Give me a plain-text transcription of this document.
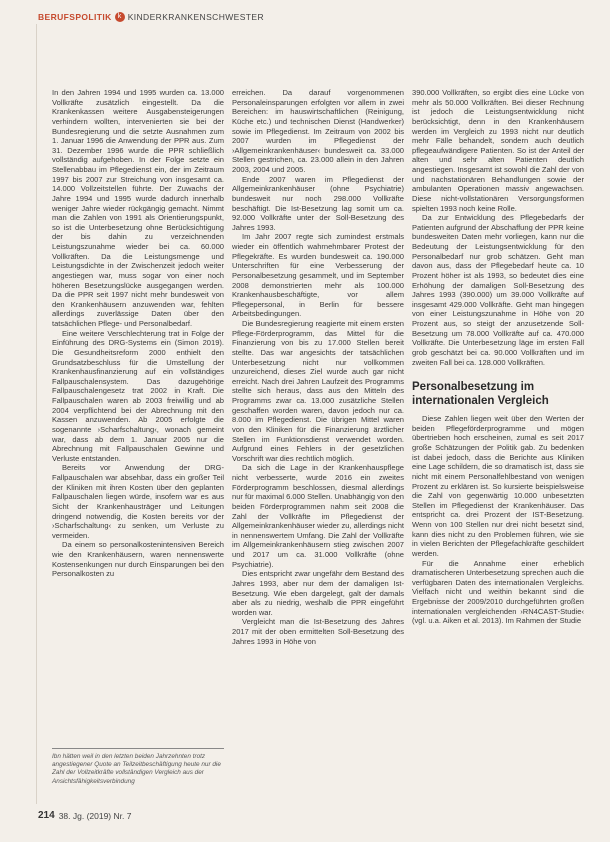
BERUFSPOLITIK k KINDERKRANKENSCHWESTER

In den Jahren 1994 und 1995 wurden ca. 13.000 Vollkräfte zusätzlich eingestellt. Da die Krankenkassen weitere Ausgabensteigerungen verhindern wollten, intervenierten sie bei der Bundesregierung und die setzte Ausnahmen zum 1. Januar 1996 die Anwendung der PPR aus. Zum 31. Dezember 1996 wurde die PPR schließlich vollständig aufgehoben. In der Folge setzte ein Stellenabbau im Pflegedienst ein, der im Zeitraum 1997 bis 2007 zur Streichung von insgesamt ca. 14.000 Vollzeitstellen führte. Der Zuwachs der Jahre 1994 und 1995 wurde dadurch innerhalb weniger Jahre wieder rückgängig gemacht. Nimmt man die Zahlen von 1991 als Orientierungspunkt, so ist die Unterbesetzung ohne Berücksichtigung der bis dahin zu verzeichnenden Leistungszunahme wieder bei ca. 60.000 Vollkräften. Da die Leistungsmenge und Leistungsdichte in der Zwischenzeit jedoch weiter angestiegen war, muss sogar von einer noch höheren Besetzungslücke ausgegangen werden. Da die PPR seit 1997 nicht mehr bundesweit von den Krankenhäusern anzuwenden war, fehlten allerdings zuverlässige Daten über den tatsächlichen Pflege- und Personalbedarf.

Eine weitere Verschlechterung trat in Folge der Einführung des DRG-Systems ein (Simon 2019). Die Gesundheitsreform 2000 enthielt den Grundsatzbeschluss für die Umstellung der Krankenhausfinanzierung auf ein vollständiges Fallpauschalensystem. Das dazugehörige Fallpauschalengesetz trat 2002 in Kraft. Die Fallpauschalen waren ab 2003 freiwillig und ab 2004 verpflichtend bei der Abrechnung mit den Kassen anzuwenden. Ab 2005 erfolgte die sogenannte ›Scharfschaltung‹, wonach gemeint war, dass ab dem 1. Januar 2005 nur die Abrechnung mit Fallpauschalen Gewinne und Verluste entstanden.

Bereits vor Anwendung der DRG-Fallpauschalen war absehbar, dass ein großer Teil der Kliniken mit ihren Kosten über den geplanten Fallpauschalen liegen würde, insofern war es aus Sicht der Krankenhausträger und Leitungen dringend notwendig, die Kosten bereits vor der ›Scharfschaltung‹ zu senken, um Verluste zu vermeiden.

Da einem so personalkostenintensiven Bereich wie den Krankenhäusern, waren nennenswerte Kostensenkungen nur durch Einsparungen bei den Personalkosten zu

erreichen. Da darauf vorgenommenen Personaleinsparungen erfolgten vor allem in zwei Bereichen: im hauswirtschaftlichen (Reinigung, Küche etc.) und technischen Dienst (Handwerker) sowie im Pflegedienst. Im Zeitraum von 2002 bis 2007 wurden im Pflegedienst der ›Allgemeinkrankenhäuser‹ bundesweit ca. 33.000 Stellen gestrichen, ca. 23.000 allein in den Jahren 2003, 2004 und 2005.

Ende 2007 waren im Pflegedienst der Allgemeinkrankenhäuser (ohne Psychiatrie) bundesweit nur noch 298.000 Vollkräfte beschäftigt. Die Ist-Besetzung lag somit um ca. 92.000 Vollkräfte unter der Soll-Besetzung des Jahres 1993.

Im Jahr 2007 regte sich zumindest erstmals wieder ein öffentlich wahrnehmbarer Protest der Pflegekräfte. Es wurden bundesweit ca. 190.000 Unterschriften für eine Verbesserung der Personalbesetzung gesammelt, und im September 2008 demonstrierten mehr als 100.000 Krankenhausbeschäftigte, vor allem Pflegepersonal, in Berlin für bessere Arbeitsbedingungen.

Die Bundesregierung reagierte mit einem ersten Pflege-Förderprogramm, das Mittel für die Finanzierung von bis zu 17.000 Stellen bereit stellte. Das war angesichts der tatsächlichen Unterbesetzung nicht nur vollkommen unzureichend, dieses Ziel wurde auch gar nicht erreicht. Nach drei Jahren Laufzeit des Programms stellte sich heraus, dass aus den Mitteln des Programms zwar ca. 13.000 zusätzliche Stellen geschaffen worden waren, davon jedoch nur ca. 8.000 im Pflegedienst. Die übrigen Mittel waren von den Kliniken für die Finanzierung ärztlicher Stellen im Funktionsdienst verwendet worden. Aufgrund eines Fehlers in der gesetzlichen Vorschrift war dies rechtlich möglich.

Da sich die Lage in der Krankenhauspflege nicht verbesserte, wurde 2016 ein zweites Förderprogramm beschlossen, diesmal allerdings nur für maximal 6.000 Stellen. Unabhängig von den beiden Förderprogrammen nahm seit 2008 die Zahl der Vollkräfte im Pflegedienst der Allgemeinkrankenhäuser wieder zu, allerdings nicht in nennenswertem Umfang. Die Zahl der Vollkräfte im Allgemeinkrankenhäusern stieg zwischen 2007 und 2017 um ca. 31.000 Vollkräfte (ohne Psychiatrie).

Dies entspricht zwar ungefähr dem Bestand des Jahres 1993, aber nur dem der damaligen Ist-Besetzung. Wie eben dargelegt, galt der damals aber als zu niedrig, weshalb die PPR eingeführt worden war.

Vergleicht man die Ist-Besetzung des Jahres 2017 mit der oben ermittelten Soll-Besetzung des Jahres 1993 in Höhe von

390.000 Vollkräften, so ergibt dies eine Lücke von mehr als 50.000 Vollkräften. Bei dieser Rechnung ist jedoch die Leistungsentwicklung nicht berücksichtigt, denn in den Krankenhäusern werden im Vergleich zu 1993 nicht nur deutlich mehr Fälle behandelt, sondern auch deutlich pflegeaufwändigere Patienten. So ist der Anteil der alten und sehr alten Patienten deutlich angestiegen. Insgesamt ist sowohl die Zahl der von und nachstationären Behandlungen sowie der ambulanten Operationen massiv angewachsen. Diese nicht-vollstationären Versorgungsformen spielten 1993 noch keine Rolle.

Da zur Entwicklung des Pflegebedarfs der Patienten aufgrund der Abschaffung der PPR keine bundesweiten Daten mehr vorliegen, kann nur die Bedeutung der Leistungsentwicklung für den Personalbedarf nur grob schätzen. Geht man davon aus, dass der Pflegebedarf heute ca. 10 Prozent höher ist als 1993, so bedeutet dies eine Erhöhung der damaligen Soll-Besetzung des Jahres 1993 (390.000) um 39.000 Vollkräfte auf insgesamt 429.000 Vollkräfte. Geht man hingegen von einer Leistungszunahme in Höhe von 20 Prozent aus, so steigt der anzusetzende Soll-Besetzung um 78.000 Vollkräfte auf ca. 470.000 Vollkräfte. Die Unterbesetzung läge im ersten Fall grob geschätzt bei ca. 90.000 Vollkräften und im zweiten Fall bei ca. 128.000 Vollkräften.

Personalbesetzung im internationalen Vergleich

Diese Zahlen liegen weit über den Werten der beiden Pflegeförderprogramme und mögen übertrieben hoch erscheinen, zumal es seit 2017 große Schätzungen der Politik gab. Zu bedenken ist dabei jedoch, dass die Berichte aus Kliniken eine Lage schildern, die so dramatisch ist, dass sie nicht mit einem Personalfehlbestand von wenigen Prozent zu erklären ist. So kursierte beispielsweise die Zahl von gegenwärtig 10.000 unbesetzten Stellen im Pflegedienst der Krankenhäuser. Das entspricht ca. drei Prozent der IST-Besetzung. Wenn von 100 Stellen nur drei nicht besetzt sind, kann dies nicht zu den Problemen führen, wie sie in vielen Berichten der Pflegefachkräfte geschildert werden.

Für die Annahme einer erheblich dramatischeren Unterbesetzung sprechen auch die verfügbaren Daten des internationalen Vergleichs. Vielfach nicht und weithin bekannt sind die Ergebnisse der 2009/2010 durchgeführten großen internationalen vergleichenden ›RN4CAST-Studie‹ (vgl. u.a. Aiken et al. 2013). Im Rahmen der Studie

Ibn hätten weil in den letzten beiden Jahrzehnten trotz angestiegener Quote an Teilzeitbeschäftigung heute nur die Zahl der Vollzeitkräfte vollständigen Vergleich aus der Ansichtsfähigkeitsverbindung
214 38. Jg. (2019) Nr. 7
